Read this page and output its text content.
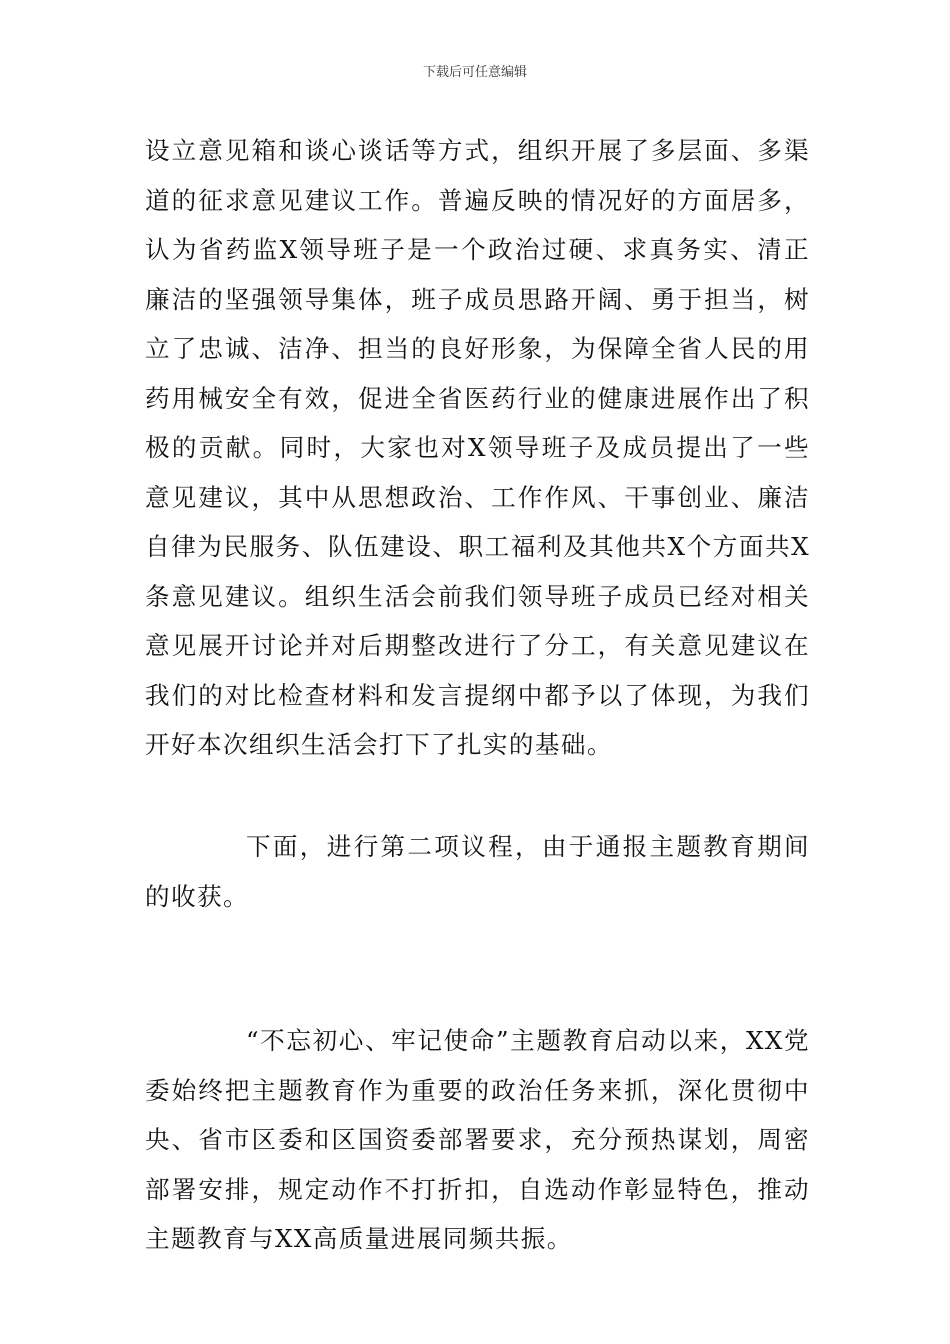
下载后可任意编辑

设立意见箱和谈心谈话等方式，组织开展了多层面、多渠道的征求意见建议工作。普遍反映的情况好的方面居多，认为省药监X领导班子是一个政治过硬、求真务实、清正廉洁的坚强领导集体，班子成员思路开阔、勇于担当，树立了忠诚、洁净、担当的良好形象，为保障全省人民的用药用械安全有效，促进全省医药行业的健康进展作出了积极的贡献。同时，大家也对X领导班子及成员提出了一些意见建议，其中从思想政治、工作作风、干事创业、廉洁自律为民服务、队伍建设、职工福利及其他共X个方面共X条意见建议。组织生活会前我们领导班子成员已经对相关意见展开讨论并对后期整改进行了分工，有关意见建议在我们的对比检查材料和发言提纲中都予以了体现，为我们开好本次组织生活会打下了扎实的基础。

下面，进行第二项议程，由于通报主题教育期间的收获。

“不忘初心、牢记使命”主题教育启动以来，XX党委始终把主题教育作为重要的政治任务来抓，深化贯彻中央、省市区委和区国资委部署要求，充分预热谋划，周密部署安排，规定动作不打折扣，自选动作彰显特色，推动主题教育与XX高质量进展同频共振。
